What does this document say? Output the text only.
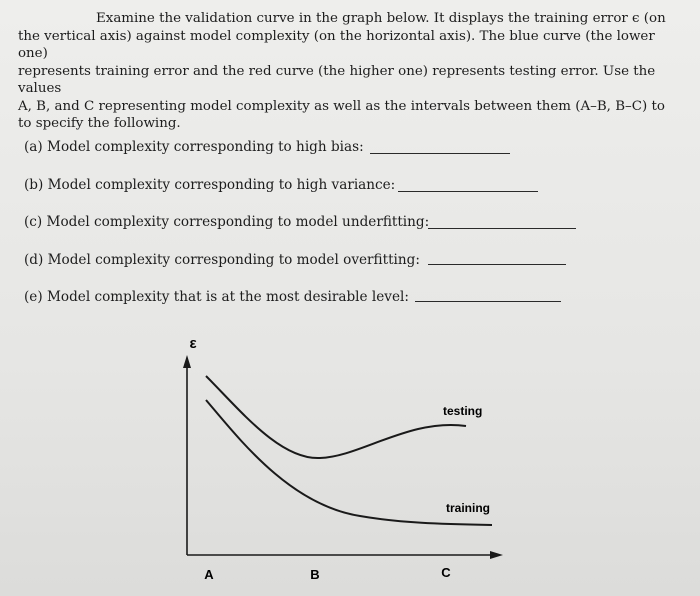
Examine the validation curve in the graph below. It displays the training error ϵ (on
the vertical axis) against model complexity (on the horizontal axis). The blue curve (the lower one)
represents training error and the red curve (the higher one) represents testing error. Use the values
A, B, and C representing model complexity as well as the intervals between them (A–B, B–C) to
to specify the following.
(a) Model complexity corresponding to high bias:
(b) Model complexity corresponding to high variance:
(c) Model complexity corresponding to model underfitting:
(d) Model complexity corresponding to model overfitting:
(e) Model complexity that is at the most desirable level:
ε
testing
training
A	B	C
